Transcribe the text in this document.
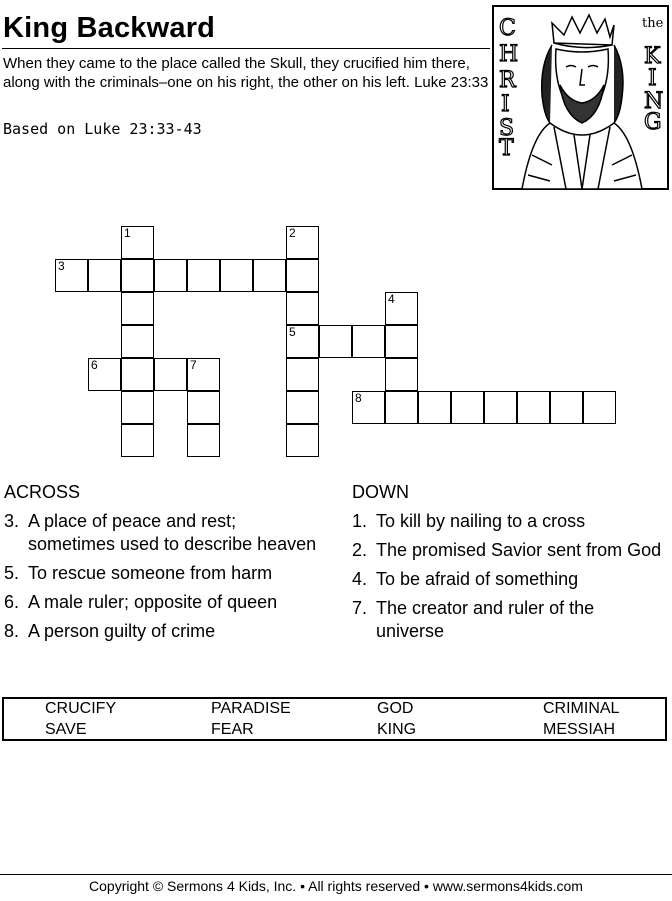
King Backward
When they came to the place called the Skull, they crucified him there, along with the criminals–one on his right, the other on his left. Luke 23:33
Based on Luke 23:33-43
C
H
R
I
S
T
the
K
I
N
G
3
1	2
5
4
6	7
8
ACROSS
3. A place of peace and rest; sometimes used to describe heaven
5. To rescue someone from harm
6. A male ruler; opposite of queen
8. A person guilty of crime
DOWN
1. To kill by nailing to a cross
2. The promised Savior sent from God
4. To be afraid of something
7. The creator and ruler of the universe
CRUCIFY	PARADISE	GOD	CRIMINAL
SAVE	FEAR	KING	MESSIAH
Copyright © Sermons 4 Kids, Inc. • All rights reserved • www.sermons4kids.com
